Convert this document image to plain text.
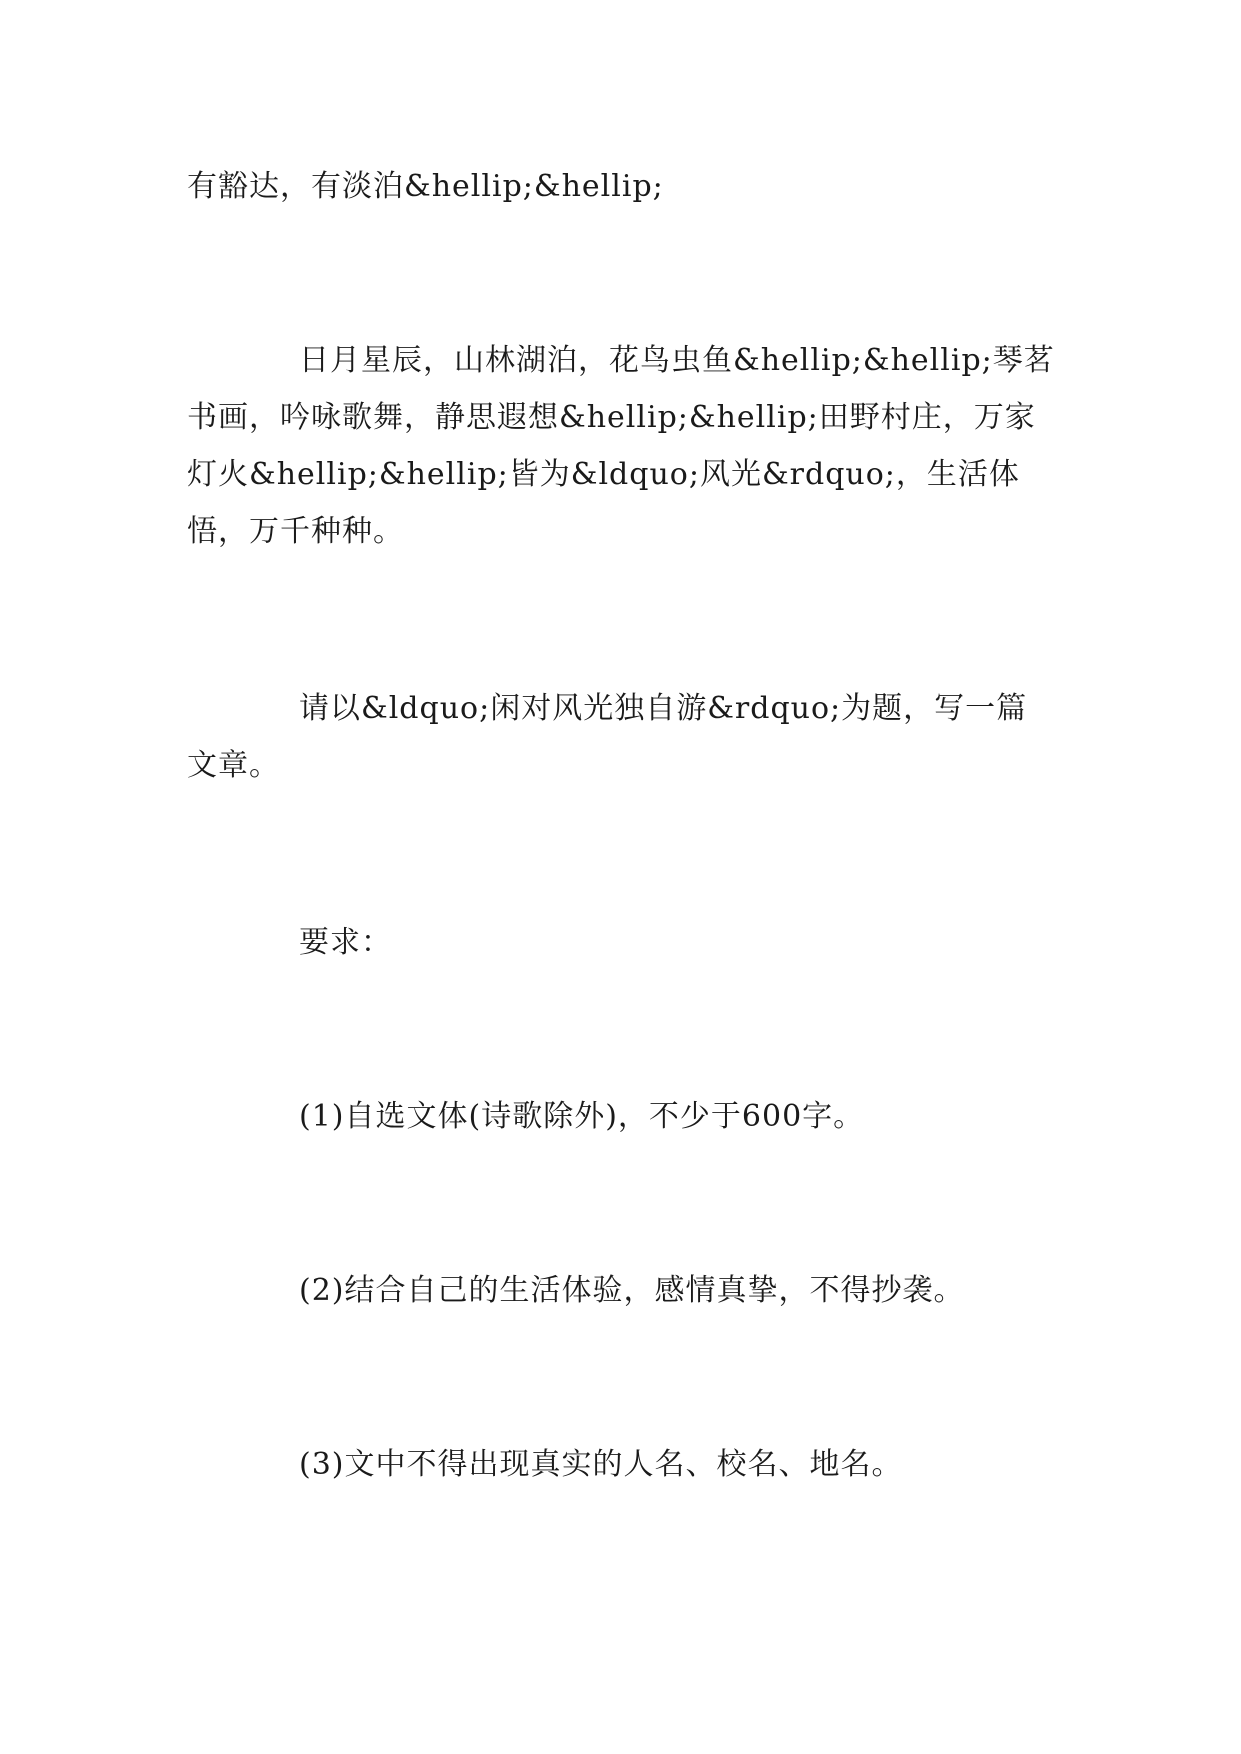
有豁达，有淡泊&hellip;&hellip;

日月星辰，山林湖泊，花鸟虫鱼&hellip;&hellip;琴茗书画，吟咏歌舞，静思遐想&hellip;&hellip;田野村庄，万家灯火&hellip;&hellip;皆为&ldquo;风光&rdquo;，生活体悟，万千种种。

请以&ldquo;闲对风光独自游&rdquo;为题，写一篇文章。

要求：

(1)自选文体(诗歌除外)，不少于600字。

(2)结合自己的生活体验，感情真挚，不得抄袭。

(3)文中不得出现真实的人名、校名、地名。
